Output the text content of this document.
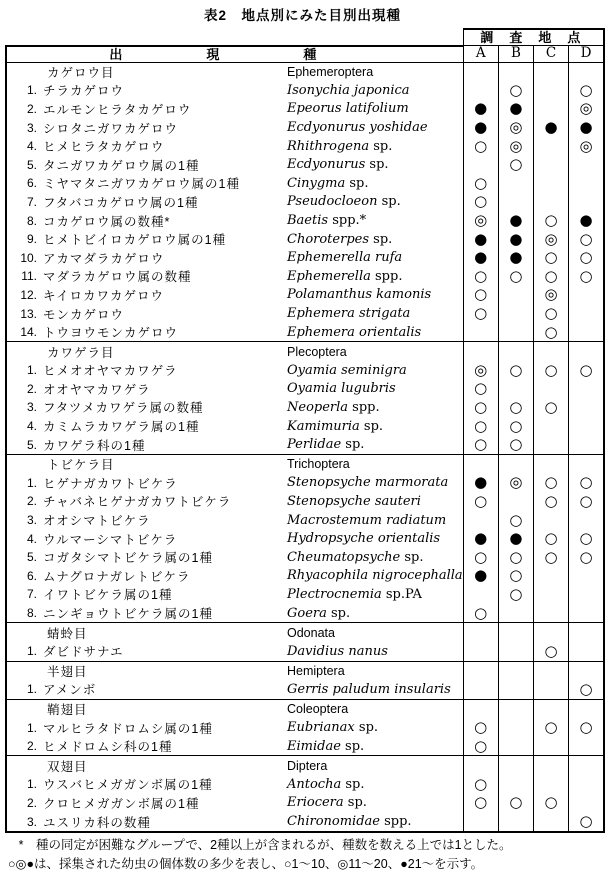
表2　地点別にみた目別出現種
	調査地点			
出現種	A	B	C	D

カゲロウ目 Ephemeroptera				

1. チラカゲロウ Isonychia japonica		○		○

2. エルモンヒラタカゲロウ Epeorus latifolium	●	●		◎

3. シロタニガワカゲロウ Ecdyonurus yoshidae	●	◎	●	●

4. ヒメヒラタカゲロウ Rhithrogena sp.	○	◎		◎

5. タニガワカゲロウ属の1種 Ecdyonurus sp.		○		

6. ミヤマタニガワカゲロウ属の1種 Cinygma sp.	○			

7. フタバコカゲロウ属の1種 Pseudocloeon sp.	○			

8. コカゲロウ属の数種* Baetis spp.*	◎	●	○	●

9. ヒメトビイロカゲロウ属の1種 Choroterpes sp.	●	●	◎	○

10. アカマダラカゲロウ Ephemerella rufa	●	●	○	○

11. マダラカゲロウ属の数種 Ephemerella spp.	○	○	○	○

12. キイロカワカゲロウ Polamanthus kamonis	○		◎	

13. モンカゲロウ Ephemera strigata	○		○	

14. トウヨウモンカゲロウ Ephemera orientalis			○	

カワゲラ目 Plecoptera				

1. ヒメオオヤマカワゲラ Oyamia seminigra	◎	○	○	○

2. オオヤマカワゲラ Oyamia lugubris	○			

3. フタツメカワゲラ属の数種 Neoperla spp.	○	○	○	

4. カミムラカワゲラ属の1種 Kamimuria sp.	○	○		

5. カワゲラ科の1種 Perlidae sp.	○	○		

トビケラ目 Trichoptera				

1. ヒゲナガカワトビケラ Stenopsyche marmorata	●	◎	○	○

2. チャバネヒゲナガカワトビケラ Stenopsyche sauteri	○		○	○

3. オオシマトビケラ Macrostemum radiatum		○		

4. ウルマーシマトビケラ Hydropsyche orientalis	●	●	○	○

5. コガタシマトビケラ属の1種 Cheumatopsyche sp.	○	○	○	○

6. ムナグロナガレトビケラ Rhyacophila nigrocephalla	●	○		

7. イワトビケラ属の1種 Plectrocnemia sp.PA		○		

8. ニンギョウトビケラ属の1種 Goera sp.	○			

蜻蛉目 Odonata				

1. ダビドサナエ Davidius nanus			○	

半翅目 Hemiptera				

1. アメンボ Gerris paludum insularis				○

鞘翅目 Coleoptera				

1. マルヒラタドロムシ属の1種 Eubrianax sp.	○		○	○

2. ヒメドロムシ科の1種 Eimidae sp.	○			

双翅目 Diptera				

1. ウスバヒメガガンボ属の1種 Antocha sp.	○			

2. クロヒメガガンボ属の1種 Eriocera sp.	○	○	○	

3. ユスリカ科の数種 Chironomidae spp.				○
*	種の同定が困難なグループで、2種以上が含まれるが、種数を数える上では1とした。
○◎●は、採集された幼虫の個体数の多少を表し、○1～10、◎11～20、●21～を示す。
